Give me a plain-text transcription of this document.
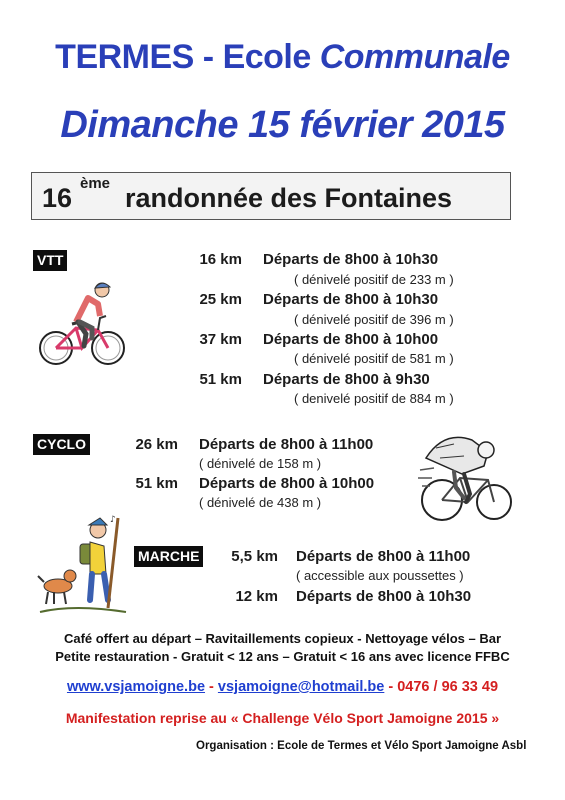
TERMES - Ecole Communale
Dimanche 15 février 2015
16 ème randonnée des Fontaines
VTT	16 km Départs de 8h00 à 10h30
( dénivelé positif de 233 m )
25 km Départs de 8h00 à 10h30
( dénivelé positif de 396 m )
37 km Départs de 8h00 à 10h00
( dénivelé positif de 581 m )
51 km Départs de 8h00 à 9h30
( denivelé positif de 884 m )
CYCLO	26 km Départs de 8h00 à 11h00
( dénivelé de 158 m )
51 km Départs de 8h00 à 10h00
( dénivelé de 438 m )
♪
MARCHE	5,5 km Départs de 8h00 à 11h00
( accessible aux poussettes )
12 km Départs de 8h00 à 10h30
Café offert au départ – Ravitaillements copieux - Nettoyage vélos – Bar
Petite restauration - Gratuit < 12 ans – Gratuit < 16 ans avec licence FFBC
www.vsjamoigne.be - vsjamoigne@hotmail.be - 0476 / 96 33 49
Manifestation reprise au « Challenge Vélo Sport Jamoigne 2015 »
Organisation : Ecole de Termes et Vélo Sport Jamoigne Asbl
